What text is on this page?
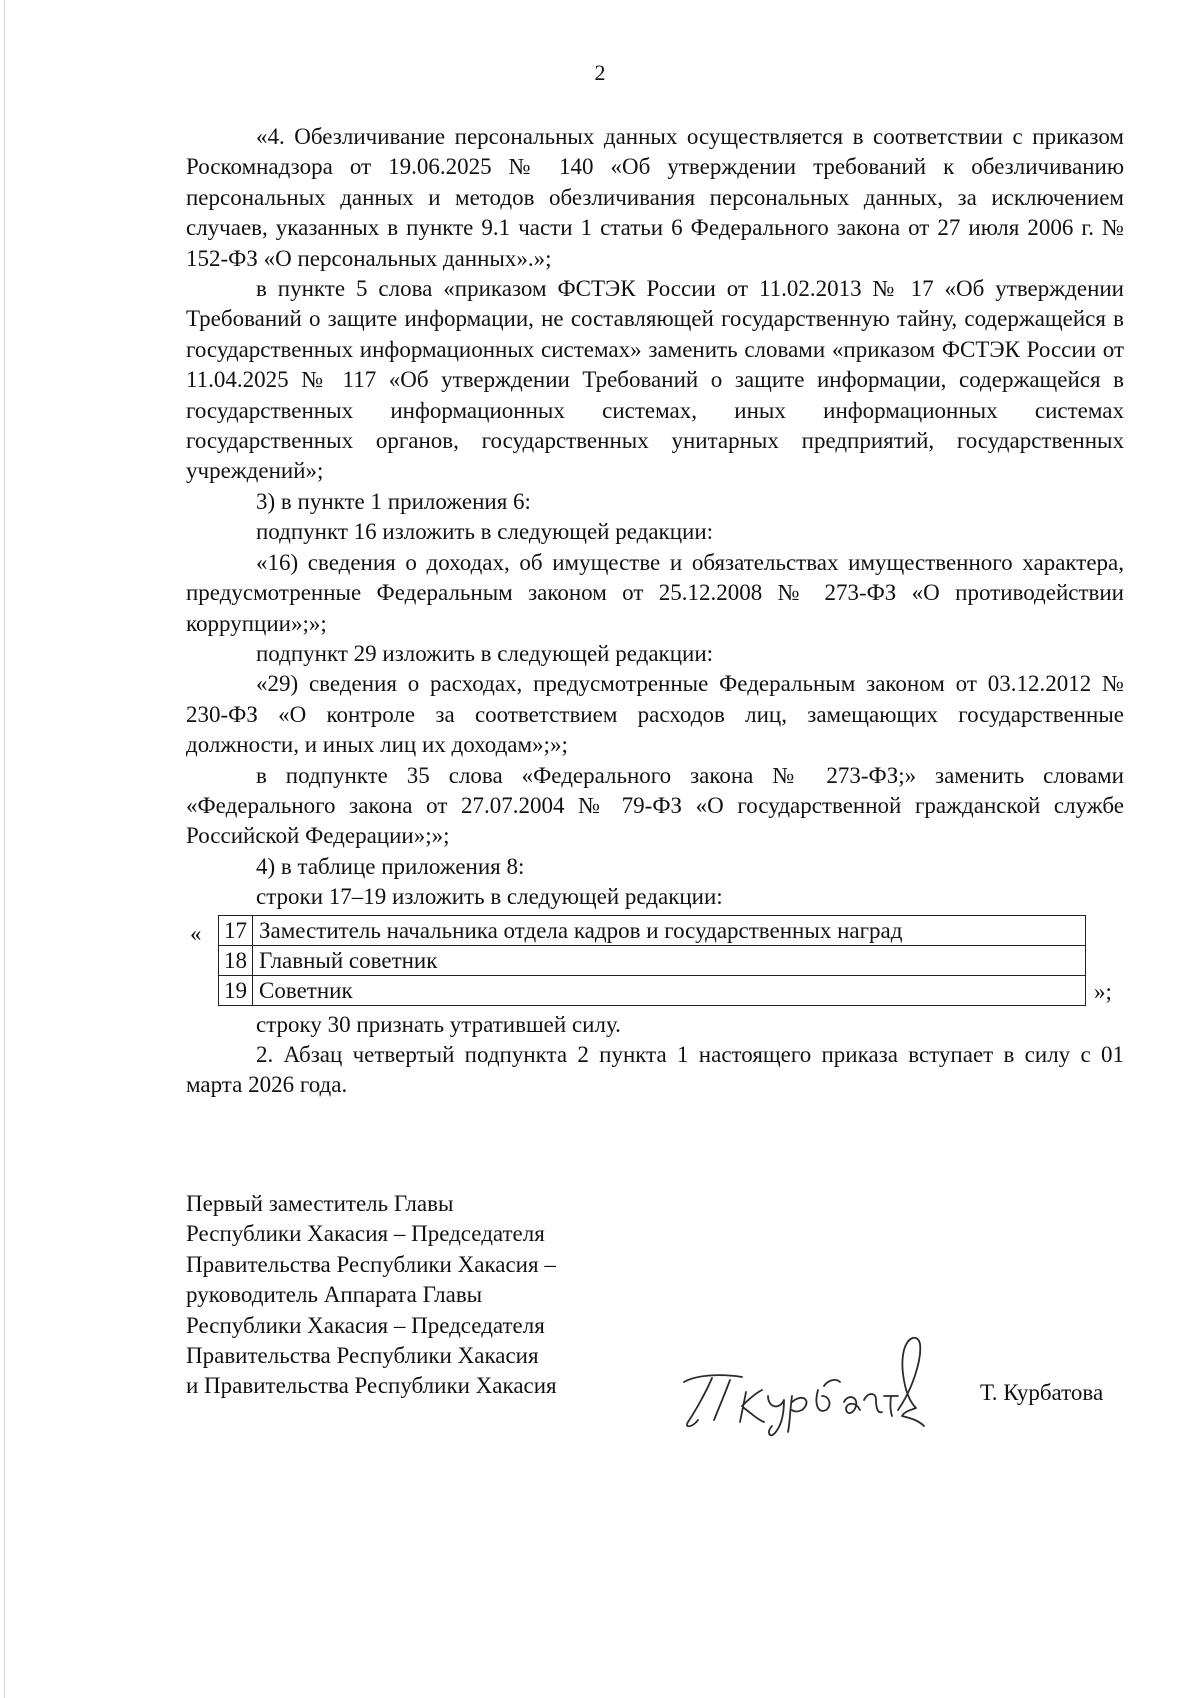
2

«4. Обезличивание персональных данных осуществляется в соответствии с приказом Роскомнадзора от 19.06.2025 № 140 «Об утверждении требований к обезличиванию персональных данных и методов обезличивания персональных данных, за исключением случаев, указанных в пункте 9.1 части 1 статьи 6 Федерального закона от 27 июля 2006 г. № 152-ФЗ «О персональных данных».»;

в пункте 5 слова «приказом ФСТЭК России от 11.02.2013 № 17 «Об утверждении Требований о защите информации, не составляющей государственную тайну, содержащейся в государственных информационных системах» заменить словами «приказом ФСТЭК России от 11.04.2025 № 117 «Об утверждении Требований о защите информации, содержащейся в государственных информационных системах, иных информационных системах государственных органов, государственных унитарных предприятий, государственных учреждений»;

3) в пункте 1 приложения 6:

подпункт 16 изложить в следующей редакции:

«16) сведения о доходах, об имуществе и обязательствах имущественного характера, предусмотренные Федеральным законом от 25.12.2008 № 273-ФЗ «О противодействии коррупции»;»;

подпункт 29 изложить в следующей редакции:

«29) сведения о расходах, предусмотренные Федеральным законом от 03.12.2012 № 230-ФЗ «О контроле за соответствием расходов лиц, замещающих государственные должности, и иных лиц их доходам»;»;

в подпункте 35 слова «Федерального закона № 273-ФЗ;» заменить словами «Федерального закона от 27.07.2004 № 79-ФЗ «О государственной гражданской службе Российской Федерации»;»;

4) в таблице приложения 8:

строки 17–19 изложить в следующей редакции:

« 17	Заместитель начальника отдела кадров и государственных наград
18	Главный советник
19	Советник	»;

строку 30 признать утратившей силу.

2. Абзац четвертый подпункта 2 пункта 1 настоящего приказа вступает в силу с 01 марта 2026 года.

Первый заместитель Главы

Республики Хакасия – Председателя

Правительства Республики Хакасия –

руководитель Аппарата Главы

Республики Хакасия – Председателя

Правительства Республики Хакасия

и Правительства Республики Хакасия	Т. Курбатова
